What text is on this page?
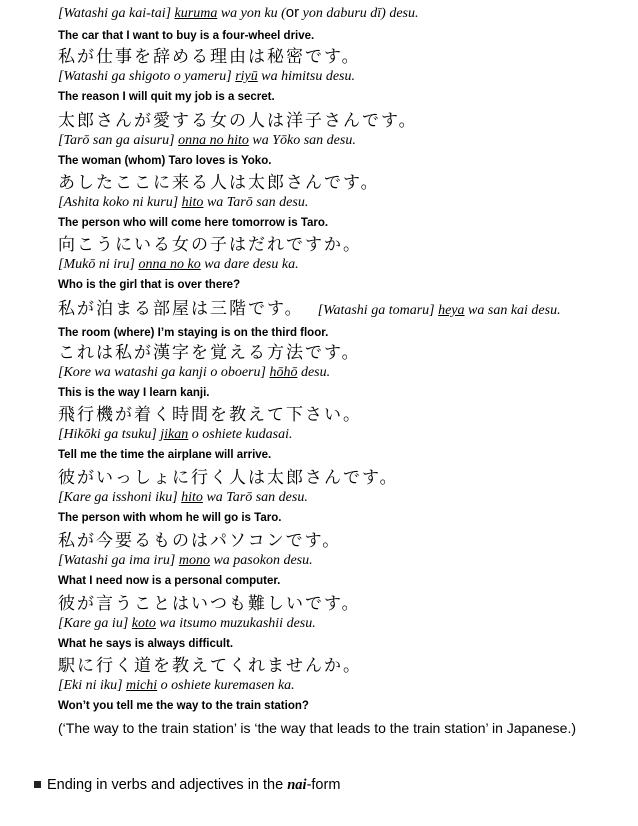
[Watashi ga kai-tai] kuruma wa yon ku (or yon daburu dī) desu.
The car that I want to buy is a four-wheel drive.
私が仕事を辞める理由は秘密です。
[Watashi ga shigoto o yameru] riyū wa himitsu desu.
The reason I will quit my job is a secret.
太郎さんが愛する女の人は洋子さんです。
[Tarō san ga aisuru] onna no hito wa Yōko san desu.
The woman (whom) Taro loves is Yoko.
あしたここに来る人は太郎さんです。
[Ashita koko ni kuru] hito wa Tarō san desu.
The person who will come here tomorrow is Taro.
向こうにいる女の子はだれですか。
[Mukō ni iru] onna no ko wa dare desu ka.
Who is the girl that is over there?
私が泊まる部屋は三階です。 [Watashi ga tomaru] heya wa san kai desu.
The room (where) I’m staying is on the third floor.
これは私が漢字を覚える方法です。
[Kore wa watashi ga kanji o oboeru] hōhō desu.
This is the way I learn kanji.
飛行機が着く時間を教えて下さい。
[Hikōki ga tsuku] jikan o oshiete kudasai.
Tell me the time the airplane will arrive.
彼がいっしょに行く人は太郎さんです。
[Kare ga isshoni iku] hito wa Tarō san desu.
The person with whom he will go is Taro.
私が今要るものはパソコンです。
[Watashi ga ima iru] mono wa pasokon desu.
What I need now is a personal computer.
彼が言うことはいつも難しいです。
[Kare ga iu] koto wa itsumo muzukashii desu.
What he says is always difficult.
駅に行く道を教えてくれませんか。
[Eki ni iku] michi o oshiete kuremasen ka.
Won’t you tell me the way to the train station?
(‘The way to the train station’ is ‘the way that leads to the train station’ in Japanese.)
Ending in verbs and adjectives in the nai-form
